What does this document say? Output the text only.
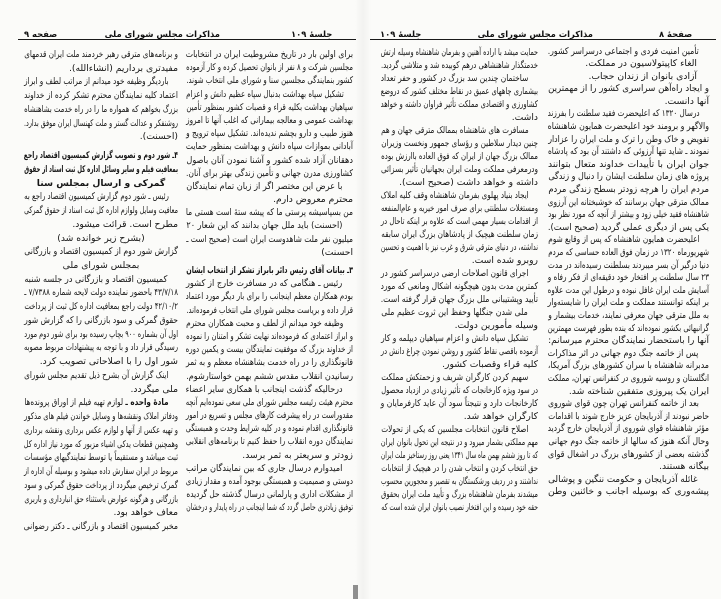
صفحه ۹	مذاکرات مجلس شورای ملی	جلسهٔ ۱۰۹
برای اولین بار در تاریخ مشروطیت ایران در انتخابات
مجلسین شرکت و ۸ نفر از بانوان تحصیل کرده و کار آزموده
کشور بنمایندگی مجلسین سنا و شورای ملی انتخاب شوند.
تشکیل سپاه بهداشت بدنبال سپاه عظیم دانش و اعزام
سپاهیان بهداشت بکلیه قراء و قصبات کشور بمنظور تأمین
بهداشت عمومی و معالجه بیمارانی که اغلب آنها تا امروز
هنوز طبیب و دارو بچشم ندیده‌اند. تشکیل سپاه ترویج و
آبادانی بموازات سپاه دانش و بهداشت بمنظور حمایت
دهقانان آزاد شده کشور و آشنا نمودن آنان باصول
کشاورزی مدرن جهانی و تأمین زندگی بهتر برای آنان.
با عرض این مختصر اگر از زبان تمام نمایندگان
محترم معروض دارم.
من بسپاسیشه پرستی ما که پیشه ستهٔ است هستی ما
(احسنت) باید ملل جهان بدانند که این شعار ۲۰
میلیون نفر ملت شاهدوست ایران است (صحیح است ـ
احسنت)
۳ـ بیانات آقای رئیس دائر بابراز تشکر از انتخاب ایشان
رئیس ـ هنگامی که در مسافرت خارج از کشور
بودم همکاران معظم اینجانب را برای بار دیگر مورد اعتماد
قرار داده و بریاست مجلس شورای ملی انتخاب فرموده‌اند.
وظیفه خود میدانم از لطف و محبت همکاران محترم
و ابراز اعتمادی که فرموده‌اند نهایت تشکر و امتنان را نموده
از خداوند بزرگ که موفقیت نمایندگان بیست و یکمین دوره
قانونگذاری را در راه خدمت بشاهنشاه معظم و به ثمر
رسانیدن انقلاب مقدس ششم بهمن خواستارشوم.
درحالیکه گذشت اینجانب با همکاری سایر اعضاء
محترم هیئت رئیسه مجلس شورای ملی سعی نموده‌ایم آنچه
مقدوراست در راه پیشرفت کارهای مجلس و تسریع در امور
قانونگذاری اقدام نموده و در کلیه شرایط وحدت و همبستگی
نمایندگان دوره انقلاب را حفظ کنیم تا برنامه‌های انقلابی
زودتر و سریعتر به ثمر برسد.
امیدوارم درسال جاری که بین نمایندگان مراتب
دوستی و صمیمیت و همبستگی بوجود آمده و مقدار زیادی
از مشکلات اداری و پارلمانی درسال گذشته حل گردیده
توفیق زیادتری حاصل گردد که شما اینجانب در راه پایدار و درخشان
و برنامه‌های مترقی رهبر خردمند ملت ایران قدمهای
مفیدتری برداریم (انشاءالله).
باردیگر وظیفه خود میدانم از مراتب لطف و ابراز
اعتماد کلیه نمایندگان محترم تشکر کرده از خداوند
بزرگ بخواهم که همواره ما را در راه خدمت بشاهنشاه
روشنفکر و عدالت گستر و ملت کهنسال ایران موفق بدارد.
(احسنت).
۴ـ شور دوم و تصویب گزارش کمیسیون اقتصاد راجع
بمعافیت فیلم و سایر وسائل اداره کل ثبت اسناد از حقوق
گمرکی و ارسال بمجلس سنا
رئیس ـ شور دوم گزارش کمیسیون اقتصاد راجع به
معافیت وسایل ولوازم اداره کل ثبت اسناد از حقوق گمرکی
مطرح است. قرائت میشود.
(بشرح زیر خوانده شد)
گزارش شور دوم از کمیسیون اقتصاد و بازرگانی
بمجلس شورای ملی
کمیسیون اقتصاد و بازرگانی در جلسه شنبه
۴۳/۷/۱۸ باحضور نماینده دولت لایحه شماره ۷/۷۳۸۸ ـ
۴۲/۱۰/۲ دولت راجع بمعافیت اداره کل ثبت از پرداخت
حقوق گمرکی و سود بازرگانی را که گزارش شور
اول آن بشماره ۹۰۰ بچاپ رسیده بود برای شور دوم مورد
رسیدگی قرار داد و با توجه به پیشنهادات مربوط مصوبه
شور اول را با اصلاحاتی تصویب کرد.
اینک گزارش آن بشرح ذیل تقدیم مجلس شورای
ملی میگردد.
مادهٔ واحده ـ لوازم تهیه فیلم از اوراق پرونده‌ها
ودفاتر املاک ونقشه‌ها و وسایل خواندن فیلم های مذکور
و تهیه عکس از آنها و لوازم عکس برداری ونقشه برداری
وهمچنین قطعات یدکی اشیاء مزبور که مورد نیاز اداره کل
ثبت میباشد و مستقیماً یا توسط نمایندگیهای مؤسسات
مربوط در ایران سفارش داده میشود و بوسیله آن اداره از
گمرک ترخیص میگردد از پرداخت حقوق گمرکی و سود
بازرگانی و هرگونه عوارض باستثناء حق انبارداری و باربری
معاف خواهد بود.
مخبر کمیسیون اقتصاد و بازرگانی ـ دکتر رضوانی
جلسهٔ ۱۰۹	مذاکرات مجلس شورای ملی	صفحهٔ ۸
حمایت میشد با اراده آهنین و بفرمان شاهنشاه وسیله ارتش
خدمتگذار شاهنشاهی درهم کوبیده شد و متلاشی گردید.
ساختمان چندین سد بزرگ در کشور و حفر تعداد
بیشماری چاههای عمیق در نقاط مختلف کشور که دروضع
کشاورزی و اقتصادی مملکت تأثیر فراوان داشته و خواهد
داشت.
مسافرت های شاهنشاه بممالک مترقی جهان و هم
چنین دیدار سلاطین و رؤسای جمهور ونخست وزیران
ممالک بزرگ جهان از ایران که فوق العاده باارزش بوده
ودرمعرفی مملکت وملت ایران بجهانیان تأثیر بسزائی
داشته و خواهد داشت (صحیح است).
ایجاد بنیاد پهلوی بفرمان شاهنشاه وقف کلیه املاک
ومستغلات سلطنتی برای صرف امور خیریه و عام‌المنفعه
از اقدامات بسیار مهمی است که علاوه بر اینکه تاحال در
زمان سلطنت هیچیک از پادشاهان بزرگ ایران سابقه
نداشته، در دنیای مترقی شرق و غرب نیز با اهمیت و تحسین
روبرو شده است.
اجرای قانون اصلاحات ارضی درسراسر کشور در
کمترین مدت بدون هیچگونه اشکال ومانعی که مورد
تأیید وپشتیبانی ملل بزرگ جهان قرار گرفته است.
ملی شدن جنگلها وحفظ این ثروت عظیم ملی
وسیله مأمورین دولت.
تشکیل سپاه دانش و اعزام سپاهیان دیپلمه و کار
آزموده باقصی نقاط کشور و روشن نمودن چراغ دانش در
کلیه قراء وقصبات کشور.
سهیم کردن کارگران شریف و زحمتکش مملکت
در سود ویژه کارخانجات که تأثیر زیادی در ازدیاد محصول
کارخانجات دارد و نتیجتاً سود آن عاید کارفرمایان و
کارگران خواهد شد.
اصلاح قانون انتخابات مجلسین که یکی از تحولات
مهم مملکتی بشمار میرود و در نتیجه این تحول بانوان ایران
که تا روز ششم بهمن ماه سال ۱۳۴۱ یعنی روز رستاخیز ملت ایران
حق انتخاب کردن و انتخاب شدن را در هیچیک از انتخابات
نداشتند و در ردیف ورشکستگان به تقصیر و محجورین محسوب
میشدند بفرمان شاهنشاه بزرگ و تأیید ملت ایران بحقوق
حقه خود رسیده و این افتخار نصیب بانوان ایران شده است که
تأمین امنیت فردی و اجتماعی درسراسر کشور.
الغاء کاپیتولاسیون در مملکت.
آزادی بانوان از زندان حجاب.
و ایجاد راه‌آهن سراسری کشور را از مهمترین
آنها دانست.
درسال ۱۳۲۰ که اعلیحضرت فقید سلطنت را بفرزند
والاگهر و برومند خود اعلیحضرت همایون شاهنشاه
تفویض و خاک وطن را ترک و ملت ایران را عزادار
نمودند ـ شاید تنها آرزوئی که داشتند آن بود که پادشاه
جوان ایران با تأییدات خداوند متعال بتوانند
پروژه های زمان سلطنت ایشان را دنبال و زندگی
مردم ایران را هرچه زودتر بسطح زندگی مردم
ممالک مترقی جهان برسانند که خوشبختانه این آرزوی
شاهنشاه فقید خیلی زود و بیشتر از آنچه که مورد نظر بود
یکی پس از دیگری عملی گردید (صحیح است).
اعلیحضرت همایون شاهنشاه که پس از وقایع شوم
شهریورماه ۱۳۲۰ در زمان فوق العاده حساسی که مردم
دنیا درگیر آن بسر میبردند بسلطنت رسیده‌اند در مدت
۲۳ سال سلطنت پر افتخار خود دقیقه‌ای از فکر رفاه و
آسایش ملت ایران غافل نبوده و درطول این مدت علاوه
بر اینکه توانستند مملکت و ملت ایران را شایسته‌وار
به ملل مترقی جهان معرفی نمایند، خدمات بیشمار و
گرانبهائی بکشور نموده‌اند که بنده بطور فهرست مهمترین
آنها را باستحضار نمایندگان محترم میرسانم:
پس از خاتمه جنگ دوم جهانی در اثر مذاکرات
مدبرانه شاهنشاه با سران کشورهای بزرگ آمریکا،
انگلستان و روسیه شوروی در کنفرانس تهران، مملکت
ایران یک پیروزی متفقین شناخته شد.
بعد از خاتمه کنفرانس تهران چون قوای شوروی
حاضر نبودند از آذربایجان عزیز خارج شوند با اقدامات
مؤثر شاهنشاه قوای شوروی از آذربایجان خارج گردید
وحال آنکه هنوز که سالها از خاتمه جنگ دوم جهانی
گذشته بعضی از کشورهای بزرگ در اشغال قوای
بیگانه هستند.
غائله آذربایجان و حکومت ننگین و پوشالی
پیشه‌وری که بوسیله اجانب و خائنین وطن
